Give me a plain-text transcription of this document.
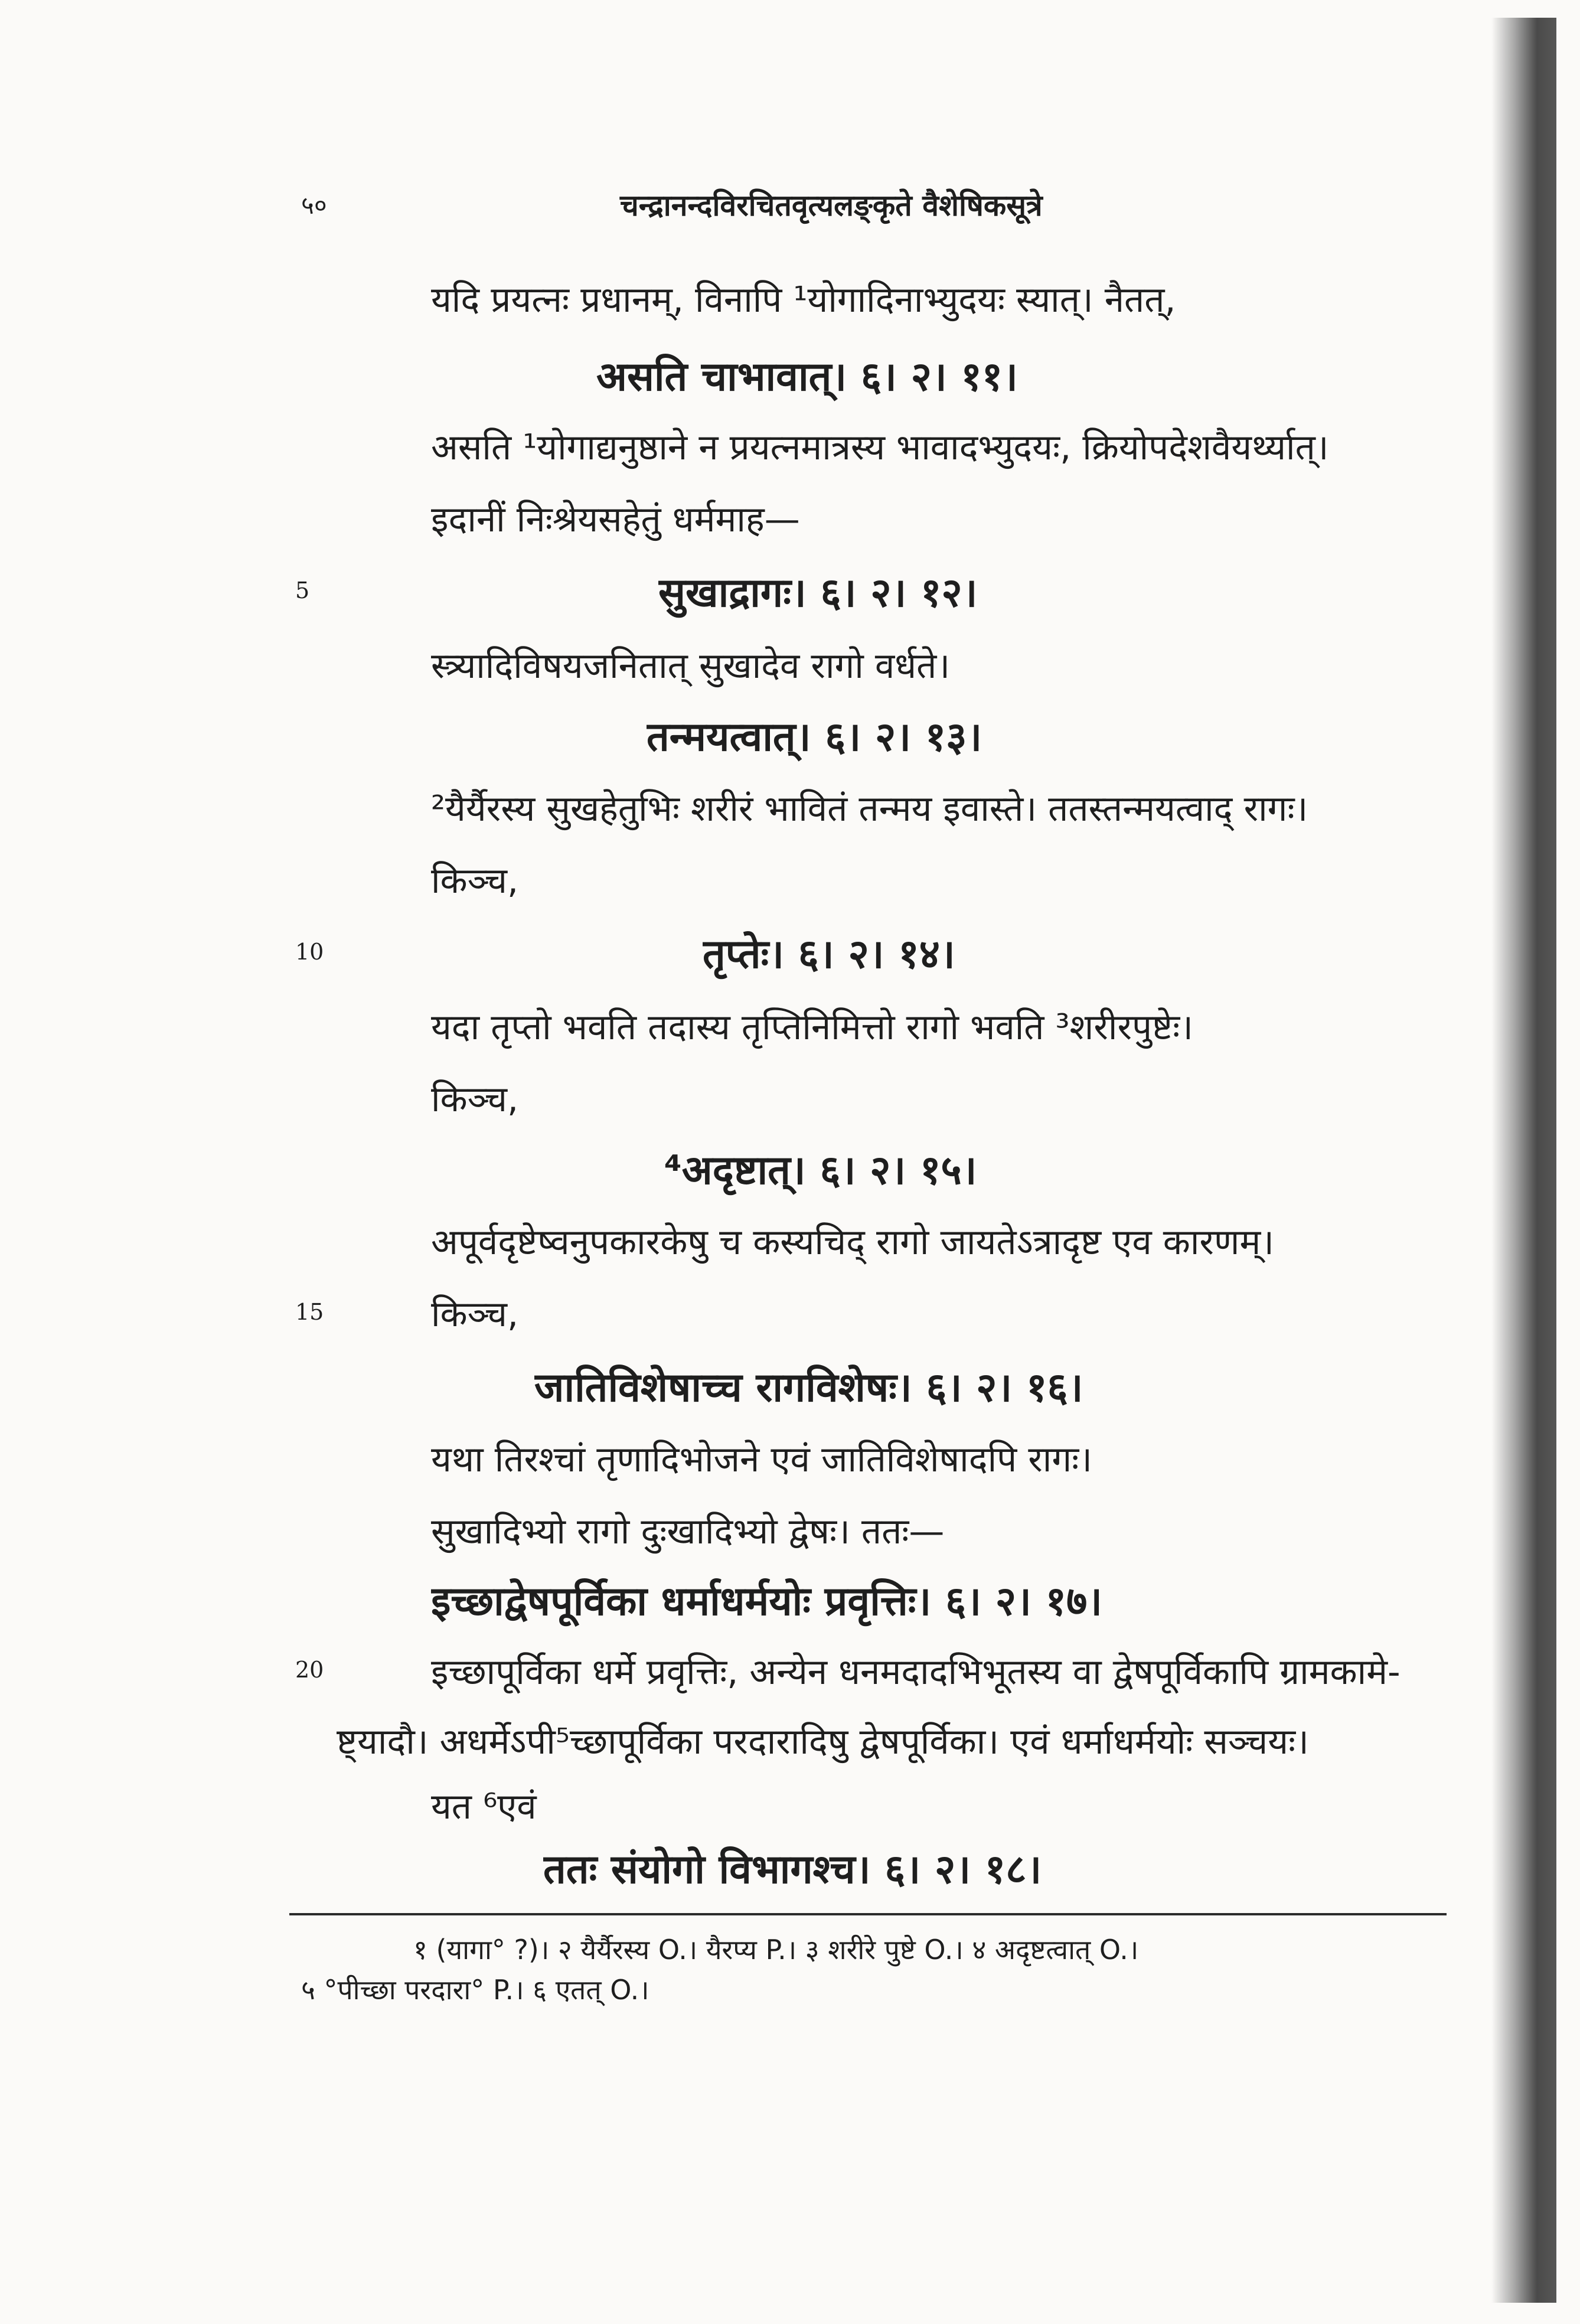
५०	चन्द्रानन्दविरचितवृत्यलङ्कृते वैशेषिकसूत्रे
यदि प्रयत्नः प्रधानम्, विनापि ¹योगादिनाभ्युदयः स्यात्। नैतत्,
असति चाभावात्। ६। २। ११।
असति ¹योगाद्यनुष्ठाने न प्रयत्नमात्रस्य भावादभ्युदयः, क्रियोपदेशवैयर्थ्यात्।
इदानीं निःश्रेयसहेतुं धर्ममाह—
5	सुखाद्रागः। ६। २। १२।
स्त्र्यादिविषयजनितात् सुखादेव रागो वर्धते।
तन्मयत्वात्। ६। २। १३।
²यैर्यैरस्य सुखहेतुभिः शरीरं भावितं तन्मय इवास्ते। ततस्तन्मयत्वाद् रागः।
किञ्च,
10	तृप्तेः। ६। २। १४।
यदा तृप्तो भवति तदास्य तृप्तिनिमित्तो रागो भवति ³शरीरपुष्टेः।
किञ्च,
⁴अदृष्टात्। ६। २। १५।
अपूर्वदृष्टेष्वनुपकारकेषु च कस्यचिद् रागो जायतेऽत्रादृष्ट एव कारणम्।
15	किञ्च,
जातिविशेषाच्च रागविशेषः। ६। २। १६।
यथा तिरश्चां तृणादिभोजने एवं जातिविशेषादपि रागः।
सुखादिभ्यो रागो दुःखादिभ्यो द्वेषः। ततः—
इच्छाद्वेषपूर्विका धर्माधर्मयोः प्रवृत्तिः। ६। २। १७।
20	इच्छापूर्विका धर्मे प्रवृत्तिः, अन्येन धनमदादभिभूतस्य वा द्वेषपूर्विकापि ग्रामकामे-
ष्ट्यादौ। अधर्मेऽपी⁵च्छापूर्विका परदारादिषु द्वेषपूर्विका। एवं धर्माधर्मयोः सञ्चयः।
यत ⁶एवं
ततः संयोगो विभागश्च। ६। २। १८।
१ (यागा° ?)। २ यैर्यैरस्य O.। यैरप्य P.। ३ शरीरे पुष्टे O.। ४ अदृष्टत्वात् O.।
५ °पीच्छा परदारा° P.। ६ एतत् O.।
